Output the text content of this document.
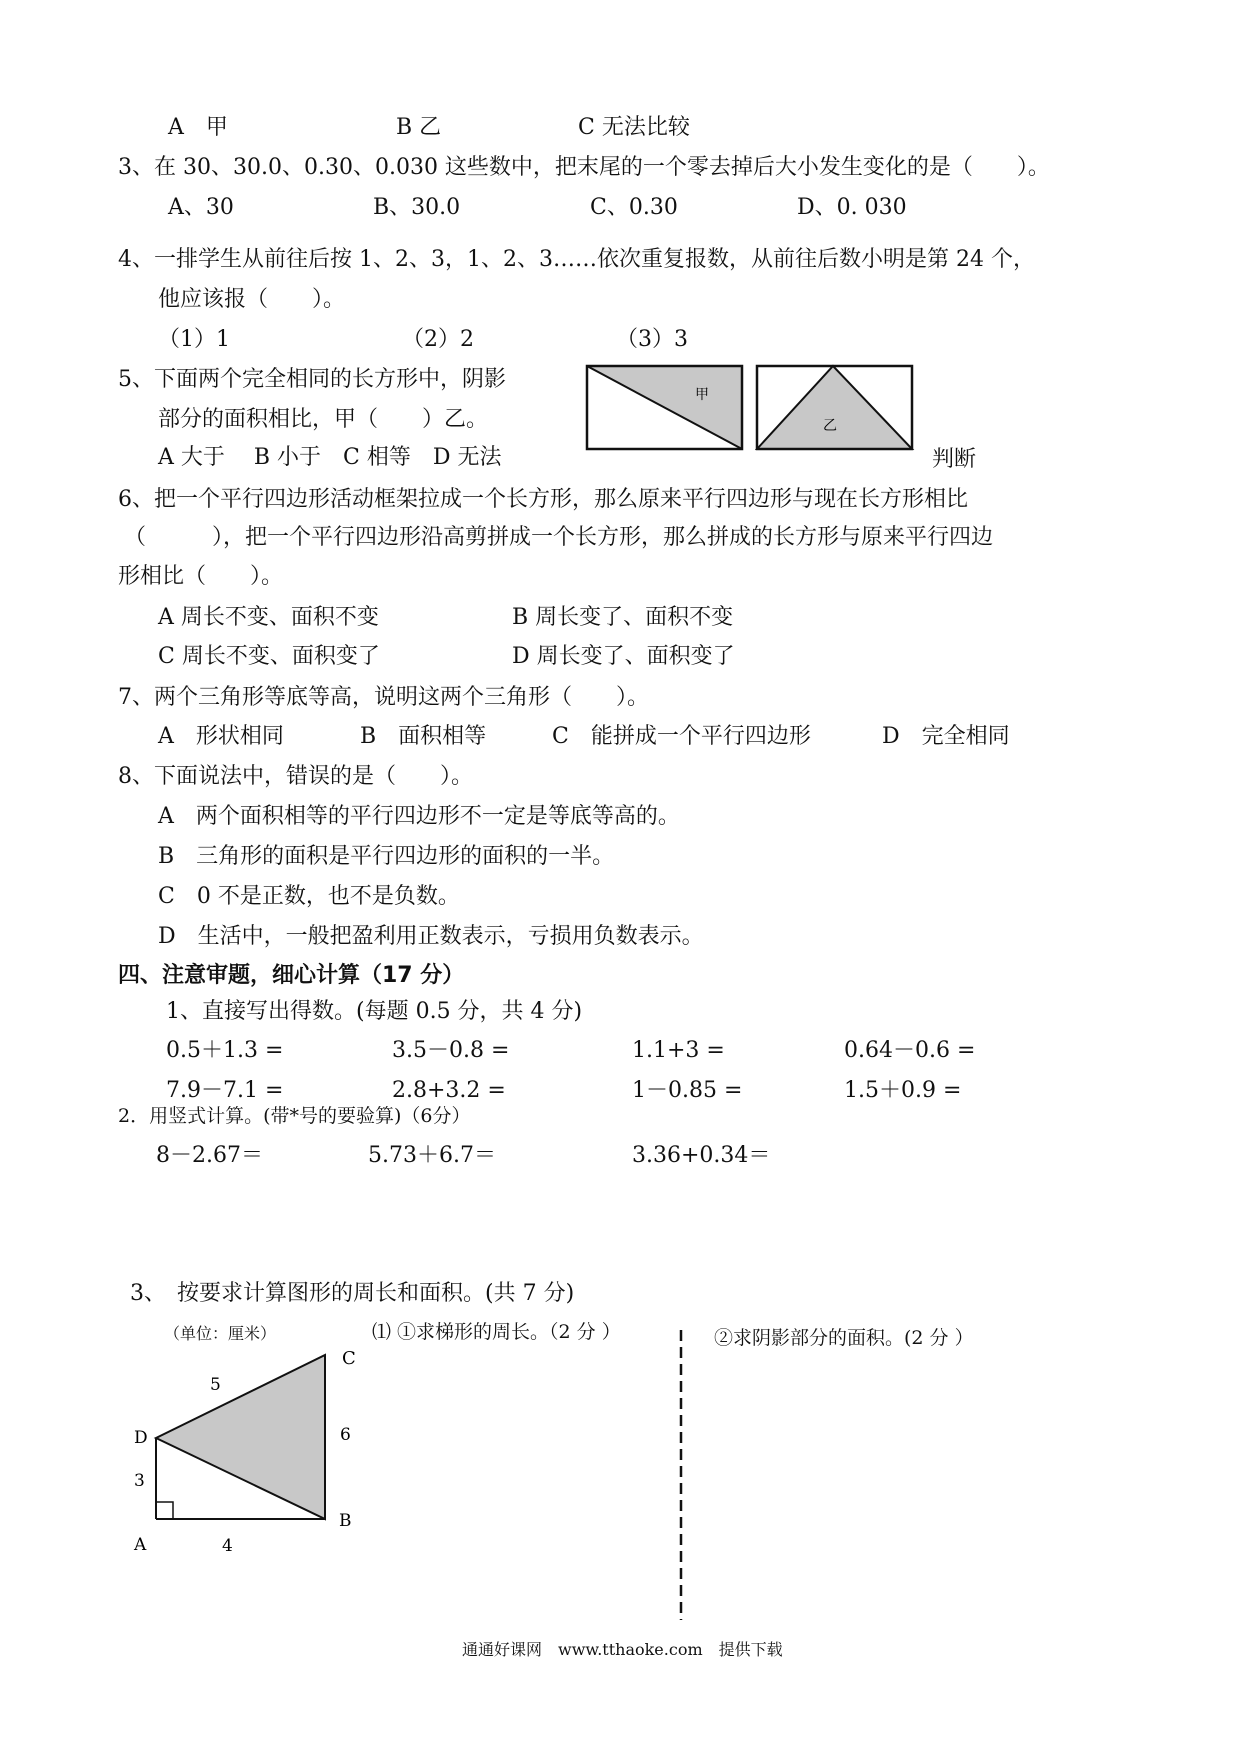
A　甲	B 乙	C 无法比较
3、在 30、30.0、0.30、0.030 这些数中，把末尾的一个零去掉后大小发生变化的是（　　）。
A、30	B、30.0	C、0.30	D、0. 030
4、一排学生从前往后按 1、2、3，1、2、3……依次重复报数，从前往后数小明是第 24 个，
他应该报（　　）。
（1）1	（2）2	（3）3
5、下面两个完全相同的长方形中，阴影
部分的面积相比，甲（　　）乙。
A 大于　 B 小于　C 相等　D 无法	判断
甲
乙
6、把一个平行四边形活动框架拉成一个长方形，那么原来平行四边形与现在长方形相比
（　　　），把一个平行四边形沿高剪拼成一个长方形，那么拼成的长方形与原来平行四边
形相比（　　）。
A 周长不变、面积不变	B 周长变了、面积不变
C 周长不变、面积变了	D 周长变了、面积变了
7、两个三角形等底等高，说明这两个三角形（　　）。
A　形状相同	B　面积相等	C　能拼成一个平行四边形	D　完全相同
8、下面说法中，错误的是（　　）。
A　两个面积相等的平行四边形不一定是等底等高的。
B　三角形的面积是平行四边形的面积的一半。
C　0 不是正数，也不是负数。
D　生活中，一般把盈利用正数表示，亏损用负数表示。
四、注意审题，细心计算（17 分）
1、直接写出得数。(每题 0.5 分，共 4 分)
0.5＋1.3 =	3.5－0.8 =	1.1+3 =	0.64－0.6 =
7.9－7.1 =	2.8+3.2 =	1－0.85 =	1.5＋0.9 =
2．用竖式计算。(带*号的要验算)（6分）
8－2.67＝	5.73＋6.7＝	3.36+0.34＝
3、　按要求计算图形的周长和面积。(共 7 分)
（单位：厘米）	⑴ ①求梯形的周长。（2 分 ）	②求阴影部分的面积。(2 分 ）
C
D
A
B
5
6
3
4
通通好课网　www.tthaoke.com　提供下载
